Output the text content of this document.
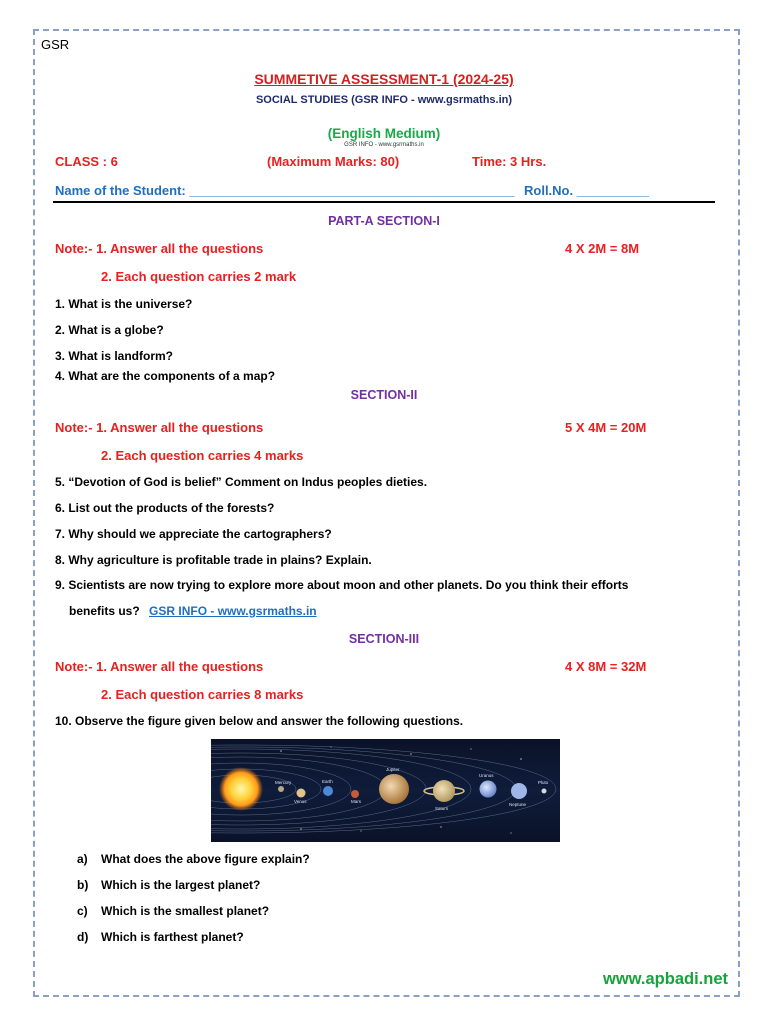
GSR
SUMMETIVE ASSESSMENT-1 (2024-25)
SOCIAL STUDIES (GSR INFO - www.gsrmaths.in)
(English Medium)
GSR INFO - www.gsrmaths.in
CLASS : 6	(Maximum Marks: 80)	Time: 3 Hrs.
Name of the Student: _____________________________________________ Roll.No. __________
PART-A SECTION-I
Note:- 1. Answer all the questions	4 X 2M = 8M
2. Each question carries 2 mark
1. What is the universe?
2. What is a globe?
3. What is landform?
4. What are the components of a map?
SECTION-II
Note:- 1. Answer all the questions	5 X 4M = 20M
2. Each question carries 4 marks
5. “Devotion of God is belief” Comment on Indus peoples dieties.
6. List out the products of the forests?
7. Why should we appreciate the cartographers?
8. Why agriculture is profitable trade in plains? Explain.
9. Scientists are now trying to explore more about moon and other planets. Do you think their efforts
benefits us? GSR INFO - www.gsrmaths.in
SECTION-III
Note:- 1. Answer all the questions	4 X 8M = 32M
2. Each question carries 8 marks
10. Observe the figure given below and answer the following questions.
Mercury
Venus
Earth
Mars
Jupiter
Saturn
Uranus
Neptune
Pluto
a) What does the above figure explain?
b) Which is the largest planet?
c) Which is the smallest planet?
d) Which is farthest planet?
www.apbadi.net
